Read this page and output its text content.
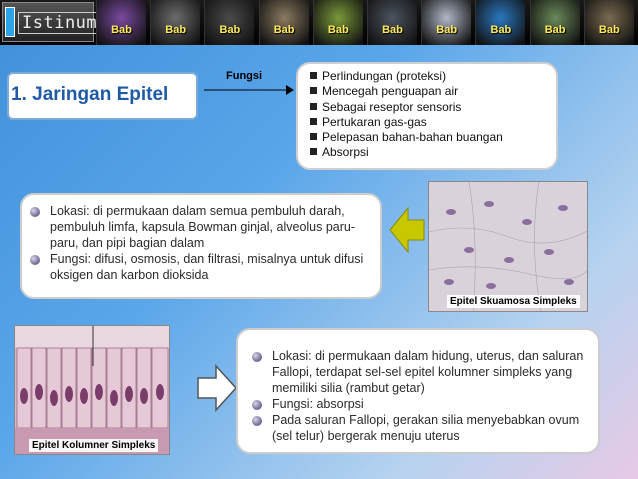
Istinum	Bab	Bab	Bab	Bab	Bab	Bab	Bab	Bab	Bab	Bab
1. Jaringan Epitel
Fungsi	Perlindungan (proteksi)
Mencegah penguapan air
Sebagai reseptor sensoris
Pertukaran gas-gas
Pelepasan bahan-bahan buangan
Absorpsi
Lokasi: di permukaan dalam semua pembuluh darah, pembuluh limfa, kapsula Bowman ginjal, alveolus paru-paru, dan pipi bagian dalam
Fungsi: difusi, osmosis, dan filtrasi, misalnya untuk difusi oksigen dan karbon dioksida
Epitel Skuamosa Simpleks
Epitel Kolumner Simpleks
Lokasi: di permukaan dalam hidung, uterus, dan saluran Fallopi, terdapat sel-sel epitel kolumner simpleks yang memiliki silia (rambut getar)
Fungsi: absorpsi
Pada saluran Fallopi, gerakan silia menyebabkan ovum (sel telur) bergerak menuju uterus
